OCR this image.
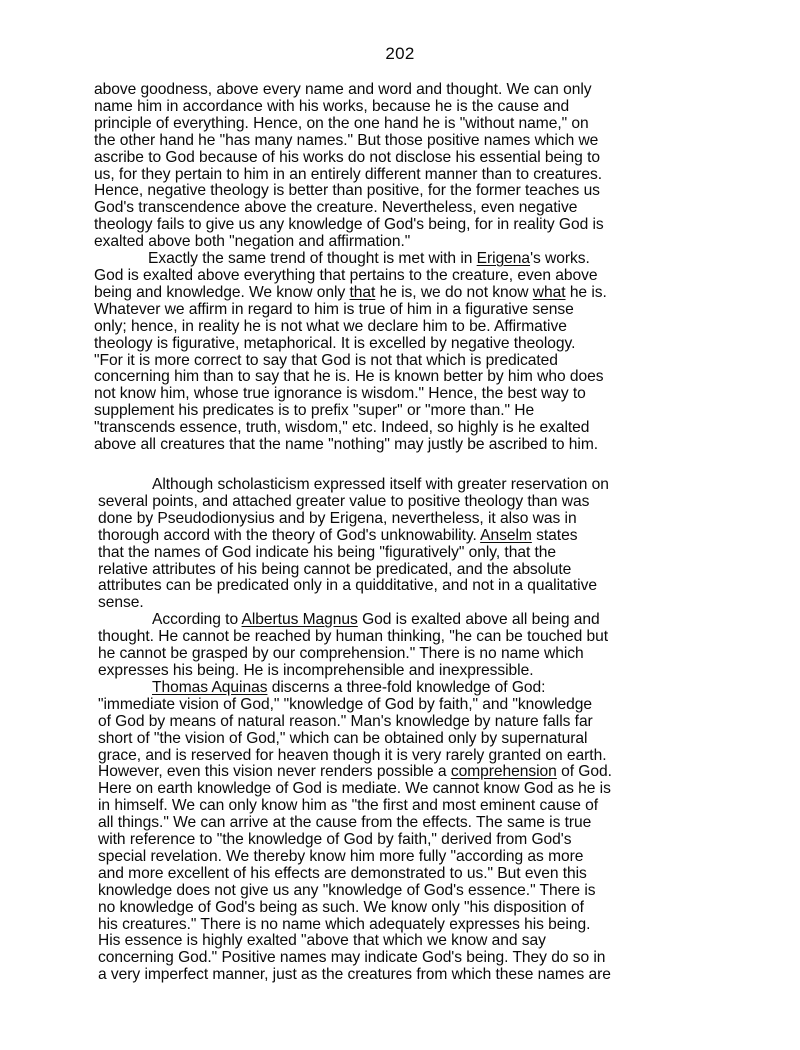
202
above goodness, above every name and word and thought. We can only
name him in accordance with his works, because he is the cause and
principle of everything. Hence, on the one hand he is "without name," on
the other hand he "has many names." But those positive names which we
ascribe to God because of his works do not disclose his essential being to
us, for they pertain to him in an entirely different manner than to creatures.
Hence, negative theology is better than positive, for the former teaches us
God's transcendence above the creature. Nevertheless, even negative
theology fails to give us any knowledge of God's being, for in reality God is
exalted above both "negation and affirmation."
Exactly the same trend of thought is met with in Erigena's works.
God is exalted above everything that pertains to the creature, even above
being and knowledge. We know only that he is, we do not know what he is.
Whatever we affirm in regard to him is true of him in a figurative sense
only; hence, in reality he is not what we declare him to be. Affirmative
theology is figurative, metaphorical. It is excelled by negative theology.
"For it is more correct to say that God is not that which is predicated
concerning him than to say that he is. He is known better by him who does
not know him, whose true ignorance is wisdom." Hence, the best way to
supplement his predicates is to prefix "super" or "more than." He
"transcends essence, truth, wisdom," etc. Indeed, so highly is he exalted
above all creatures that the name "nothing" may justly be ascribed to him.
Although scholasticism expressed itself with greater reservation on
several points, and attached greater value to positive theology than was
done by Pseudodionysius and by Erigena, nevertheless, it also was in
thorough accord with the theory of God's unknowability. Anselm states
that the names of God indicate his being "figuratively" only, that the
relative attributes of his being cannot be predicated, and the absolute
attributes can be predicated only in a quidditative, and not in a qualitative
sense.
According to Albertus Magnus God is exalted above all being and
thought. He cannot be reached by human thinking, "he can be touched but
he cannot be grasped by our comprehension." There is no name which
expresses his being. He is incomprehensible and inexpressible.
Thomas Aquinas discerns a three-fold knowledge of God:
"immediate vision of God," "knowledge of God by faith," and "knowledge
of God by means of natural reason." Man's knowledge by nature falls far
short of "the vision of God," which can be obtained only by supernatural
grace, and is reserved for heaven though it is very rarely granted on earth.
However, even this vision never renders possible a comprehension of God.
Here on earth knowledge of God is mediate. We cannot know God as he is
in himself. We can only know him as "the first and most eminent cause of
all things." We can arrive at the cause from the effects. The same is true
with reference to "the knowledge of God by faith," derived from God's
special revelation. We thereby know him more fully "according as more
and more excellent of his effects are demonstrated to us." But even this
knowledge does not give us any "knowledge of God's essence." There is
no knowledge of God's being as such. We know only "his disposition of
his creatures." There is no name which adequately expresses his being.
His essence is highly exalted "above that which we know and say
concerning God." Positive names may indicate God's being. They do so in
a very imperfect manner, just as the creatures from which these names are
